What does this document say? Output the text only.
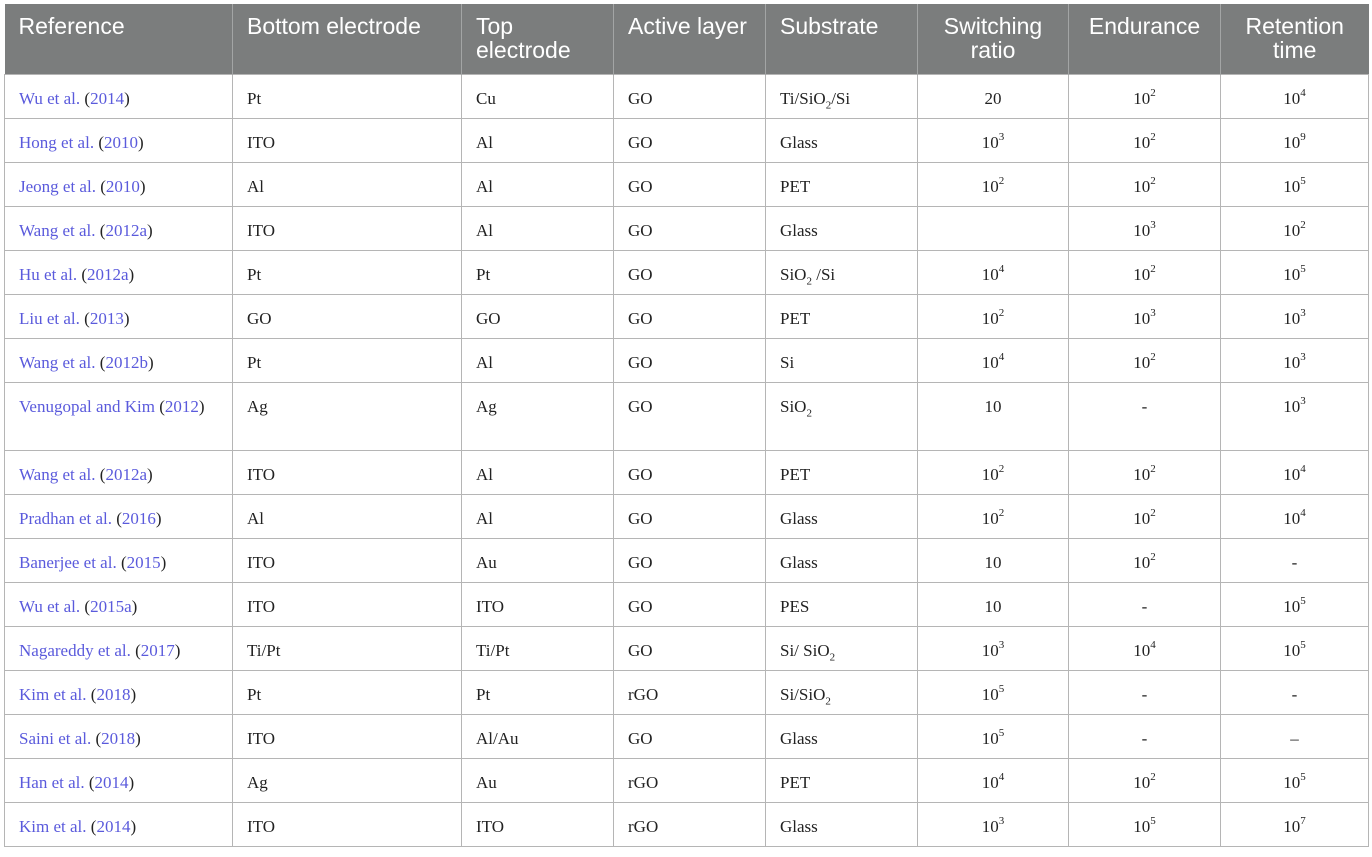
Reference	Bottom electrode	Top electrode	Active layer	Substrate	Switching ratio	Endurance	Retention time
Wu et al. (2014)	Pt	Cu	GO	Ti/SiO$_2$/Si	20	$10^2$	$10^4$
Hong et al. (2010)	ITO	Al	GO	Glass	$10^3$	$10^2$	$10^9$
Jeong et al. (2010)	Al	Al	GO	PET	$10^2$	$10^2$	$10^5$
Wang et al. (2012a)	ITO	Al	GO	Glass		$10^3$	$10^2$
Hu et al. (2012a)	Pt	Pt	GO	SiO$_2$ /Si	$10^4$	$10^2$	$10^5$
Liu et al. (2013)	GO	GO	GO	PET	$10^2$	$10^3$	$10^3$
Wang et al. (2012b)	Pt	Al	GO	Si	$10^4$	$10^2$	$10^3$
Venugopal and Kim (2012)	Ag	Ag	GO	SiO$_2$	10	-	$10^3$
Wang et al. (2012a)	ITO	Al	GO	PET	$10^2$	$10^2$	$10^4$
Pradhan et al. (2016)	Al	Al	GO	Glass	$10^2$	$10^2$	$10^4$
Banerjee et al. (2015)	ITO	Au	GO	Glass	10	$10^2$	-
Wu et al. (2015a)	ITO	ITO	GO	PES	10	-	$10^5$
Nagareddy et al. (2017)	Ti/Pt	Ti/Pt	GO	Si/ SiO$_2$	$10^3$	$10^4$	$10^5$
Kim et al. (2018)	Pt	Pt	rGO	Si/SiO$_2$	$10^5$	-	-
Saini et al. (2018)	ITO	Al/Au	GO	Glass	$10^5$	-	–
Han et al. (2014)	Ag	Au	rGO	PET	$10^4$	$10^2$	$10^5$
Kim et al. (2014)	ITO	ITO	rGO	Glass	$10^3$	$10^5$	$10^7$
